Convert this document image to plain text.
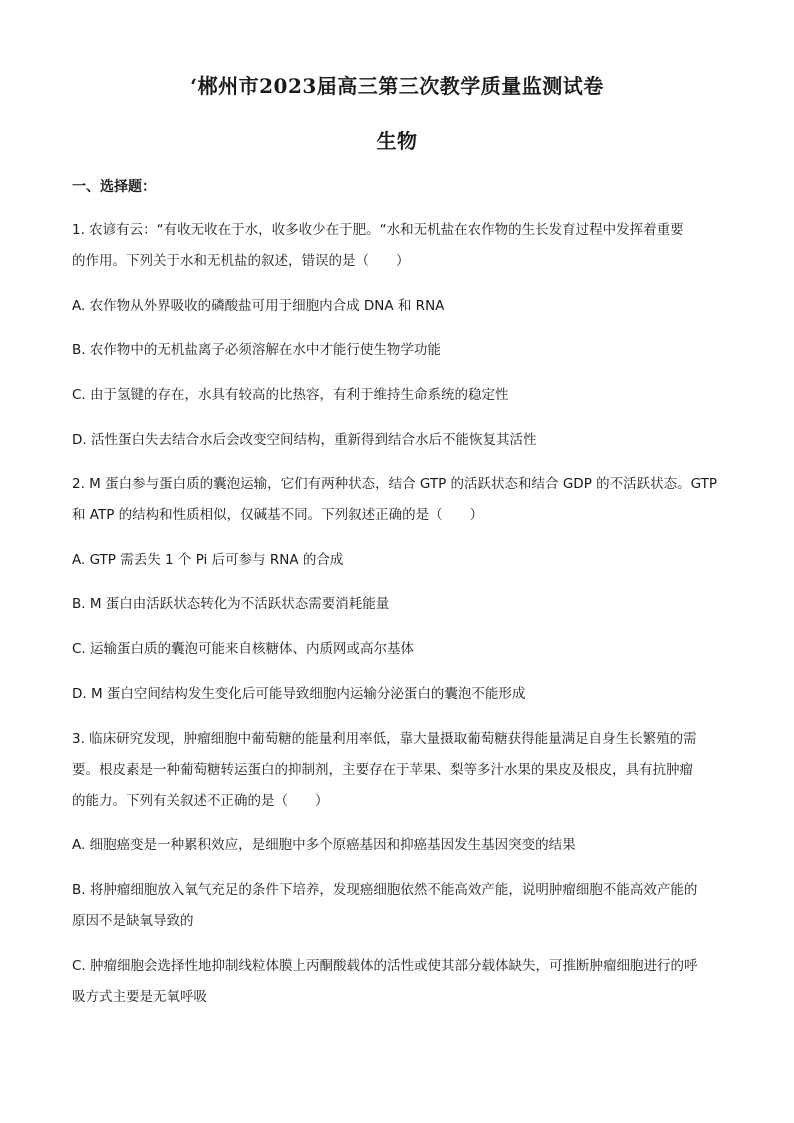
‘郴州市2023届高三第三次教学质量监测试卷
生物
一、选择题：
1. 农谚有云：“有收无收在于水，收多收少在于肥。“水和无机盐在农作物的生长发育过程中发挥着重要
的作用。下列关于水和无机盐的叙述，错误的是（　　）
A. 农作物从外界吸收的磷酸盐可用于细胞内合成 DNA 和 RNA
B. 农作物中的无机盐离子必须溶解在水中才能行使生物学功能
C. 由于氢键的存在，水具有较高的比热容，有利于维持生命系统的稳定性
D. 活性蛋白失去结合水后会改变空间结构，重新得到结合水后不能恢复其活性
2. M 蛋白参与蛋白质的囊泡运输，它们有两种状态，结合 GTP 的活跃状态和结合 GDP 的不活跃状态。GTP
和 ATP 的结构和性质相似，仅碱基不同。下列叙述正确的是（　　）
A. GTP 需丢失 1 个 Pi 后可参与 RNA 的合成
B. M 蛋白由活跃状态转化为不活跃状态需要消耗能量
C. 运输蛋白质的囊泡可能来自核糖体、内质网或高尔基体
D. M 蛋白空间结构发生变化后可能导致细胞内运输分泌蛋白的囊泡不能形成
3. 临床研究发现，肿瘤细胞中葡萄糖的能量利用率低，靠大量摄取葡萄糖获得能量满足自身生长繁殖的需
要。根皮素是一种葡萄糖转运蛋白的抑制剂，主要存在于苹果、梨等多汁水果的果皮及根皮，具有抗肿瘤
的能力。下列有关叙述不正确的是（　　）
A. 细胞癌变是一种累积效应，是细胞中多个原癌基因和抑癌基因发生基因突变的结果
B. 将肿瘤细胞放入氧气充足的条件下培养，发现癌细胞依然不能高效产能，说明肿瘤细胞不能高效产能的
原因不是缺氧导致的
C. 肿瘤细胞会选择性地抑制线粒体膜上丙酮酸载体的活性或使其部分载体缺失，可推断肿瘤细胞进行的呼
吸方式主要是无氧呼吸
